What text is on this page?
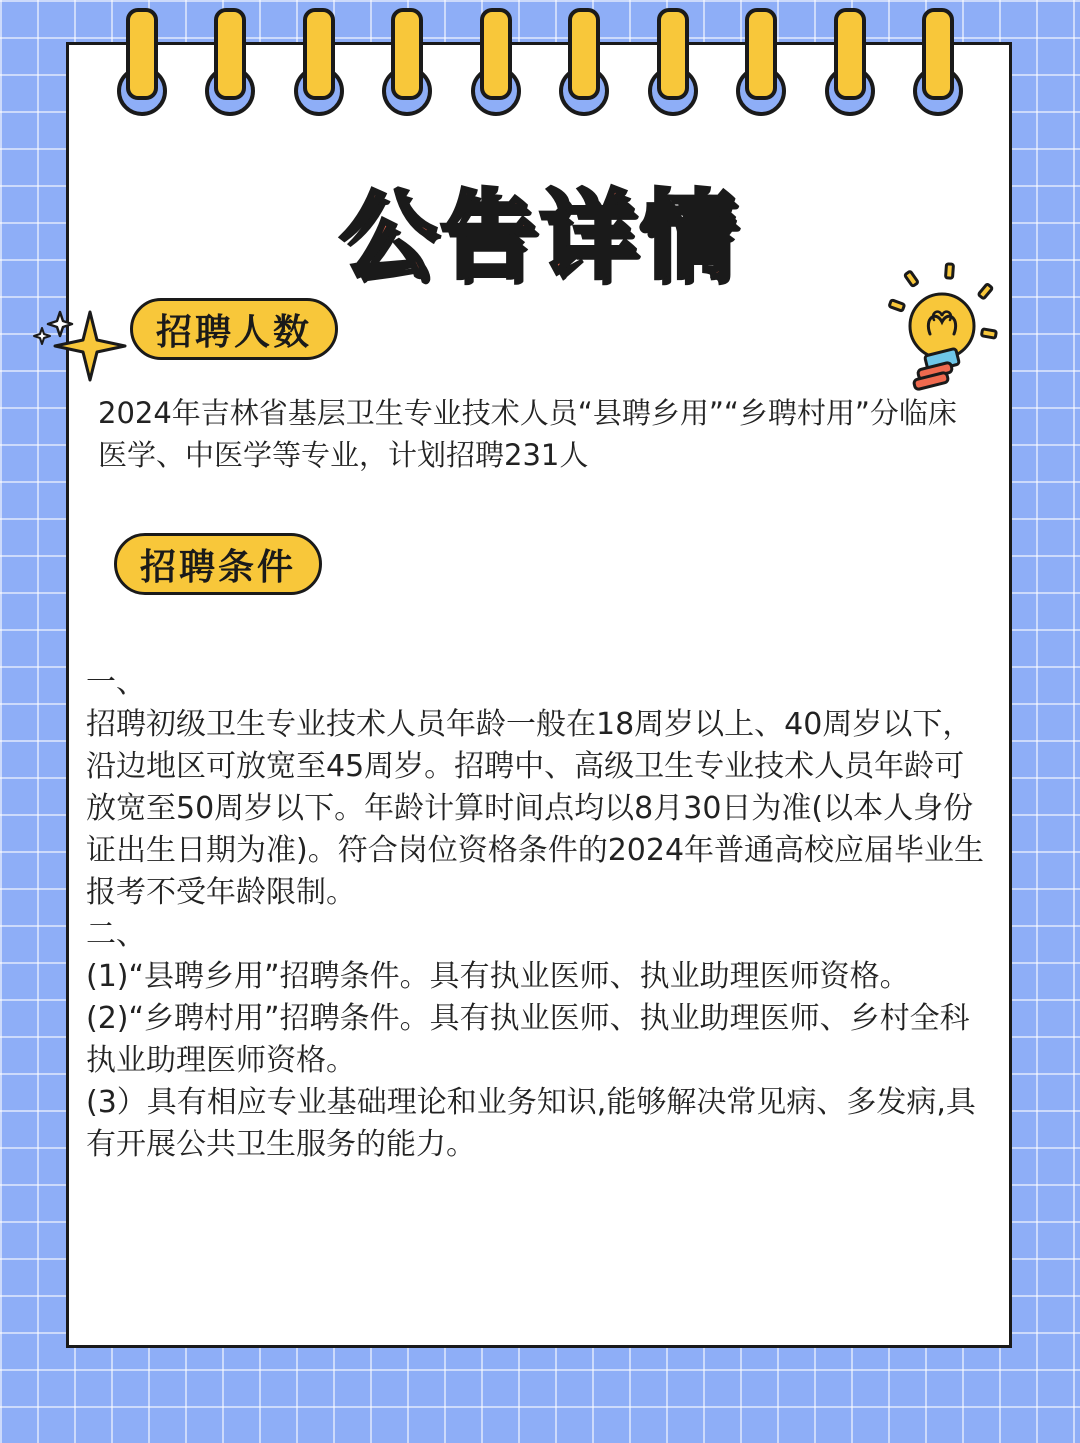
公告详情
招聘人数
2024年吉林省基层卫生专业技术人员“县聘乡用”“乡聘村用”分临床医学、中医学等专业，计划招聘231人
招聘条件
一、
招聘初级卫生专业技术人员年龄一般在18周岁以上、40周岁以下，沿边地区可放宽至45周岁。招聘中、高级卫生专业技术人员年龄可放宽至50周岁以下。年龄计算时间点均以8月30日为准(以本人身份证出生日期为准)。符合岗位资格条件的2024年普通高校应届毕业生报考不受年龄限制。
二、
(1)“县聘乡用”招聘条件。具有执业医师、执业助理医师资格。
(2)“乡聘村用”招聘条件。具有执业医师、执业助理医师、乡村全科执业助理医师资格。
(3）具有相应专业基础理论和业务知识,能够解决常见病、多发病,具有开展公共卫生服务的能力。
